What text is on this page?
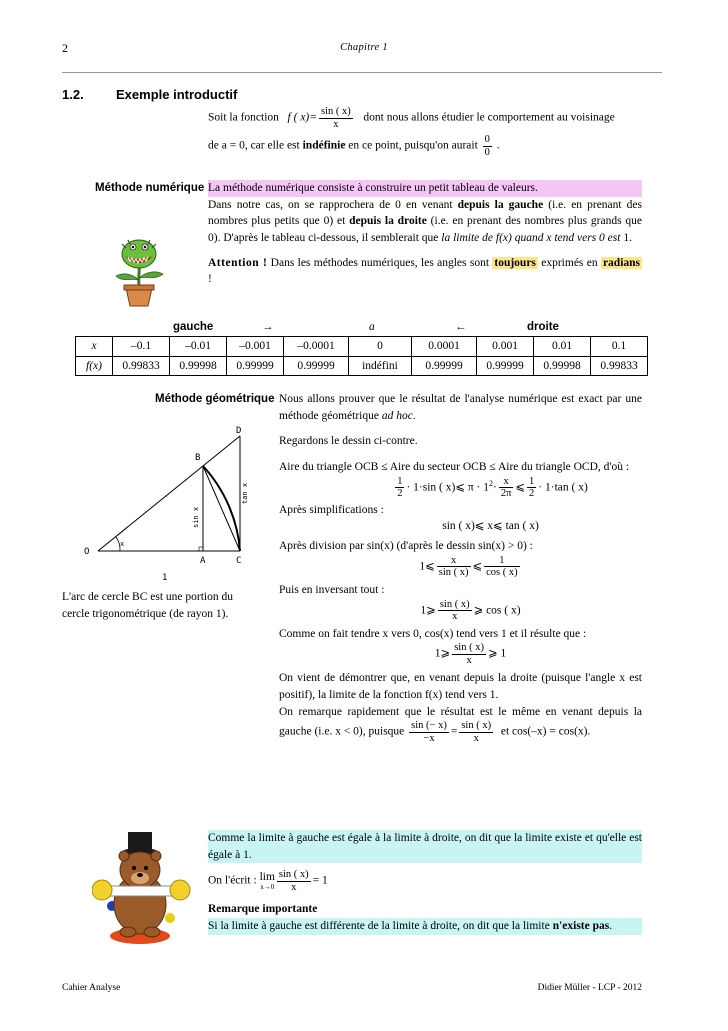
2	Chapitre 1
1.2. Exemple introductif
Soit la fonction f ( $x)= \frac{\sin ( x)}{x}$ dont nous allons étudier le comportement au voisinage
de a = 0, car elle est indéfinie en ce point, puisqu'on aurait $\frac{0}{0}$ .
Méthode numérique La méthode numérique consiste à construire un petit tableau de valeurs.
Dans notre cas, on se rapprochera de 0 en venant depuis la gauche (i.e. en prenant des nombres plus petits que 0) et depuis la droite (i.e. en prenant des nombres plus grands que 0). D'après le tableau ci-dessous, il semblerait que la limite de f(x) quand x tend vers 0 est 1.
Attention ! Dans les méthodes numériques, les angles sont toujours exprimés en radians !
gauche	→	a	←	droite
x	–0.1	–0.01	–0.001	–0.0001	0	0.0001	0.001	0.01	0.1
f(x)	0.99833	0.99998	0.99999	0.99999	indéfini	0.99999	0.99999	0.99998	0.99833
Méthode géométrique
O
A
B
C
D
1
x
sin x
tan x
L'arc de cercle BC est une portion du cercle trigonométrique (de rayon 1).
Nous allons prouver que le résultat de l'analyse numérique est exact par une méthode géométrique ad hoc.
Regardons le dessin ci-contre.
Aire du triangle OCB ≤ Aire du secteur OCB ≤ Aire du triangle OCD, d'où :
$\frac{1}{2} \cdot 1\cdot\sin$ ( x)⩽ $\pi \cdot 1^2\cdot \frac{x}{2\pi}$ ⩽ $\frac{1}{2} \cdot 1\cdot\tan$ ( x)
Après simplifications :
sin ( x)⩽ x⩽ tan ( x)
Après division par sin(x) (d'après le dessin sin(x) > 0) :
1⩽ $\frac{x}{\sin ( x)}$ ⩽ $\frac{1}{\cos ( x)}$
Puis en inversant tout :
1⩾ $\frac{\sin ( x)}{x}$ ⩾ cos ( x)
Comme on fait tendre x vers 0, cos(x) tend vers 1 et il résulte que :
1⩾ $\frac{\sin ( x)}{x}$ ⩾ 1
On vient de démontrer que, en venant depuis la droite (puisque l'angle x est positif), la limite de la fonction f(x) tend vers 1.
On remarque rapidement que le résultat est le même en venant depuis la gauche (i.e. x < 0), puisque $\frac{\sin (- x)}{-x} = \frac{\sin ( x)}{x}$ et cos(–x) = cos(x).
Comme la limite à gauche est égale à la limite à droite, on dit que la limite existe et qu'elle est égale à 1.
On l'écrit : lim
$x\to 0 \frac{\sin ( x)}{x} = 1$
Remarque importante
Si la limite à gauche est différente de la limite à droite, on dit que la limite n'existe pas.
Cahier Analyse	Didier Müller - LCP - 2012
